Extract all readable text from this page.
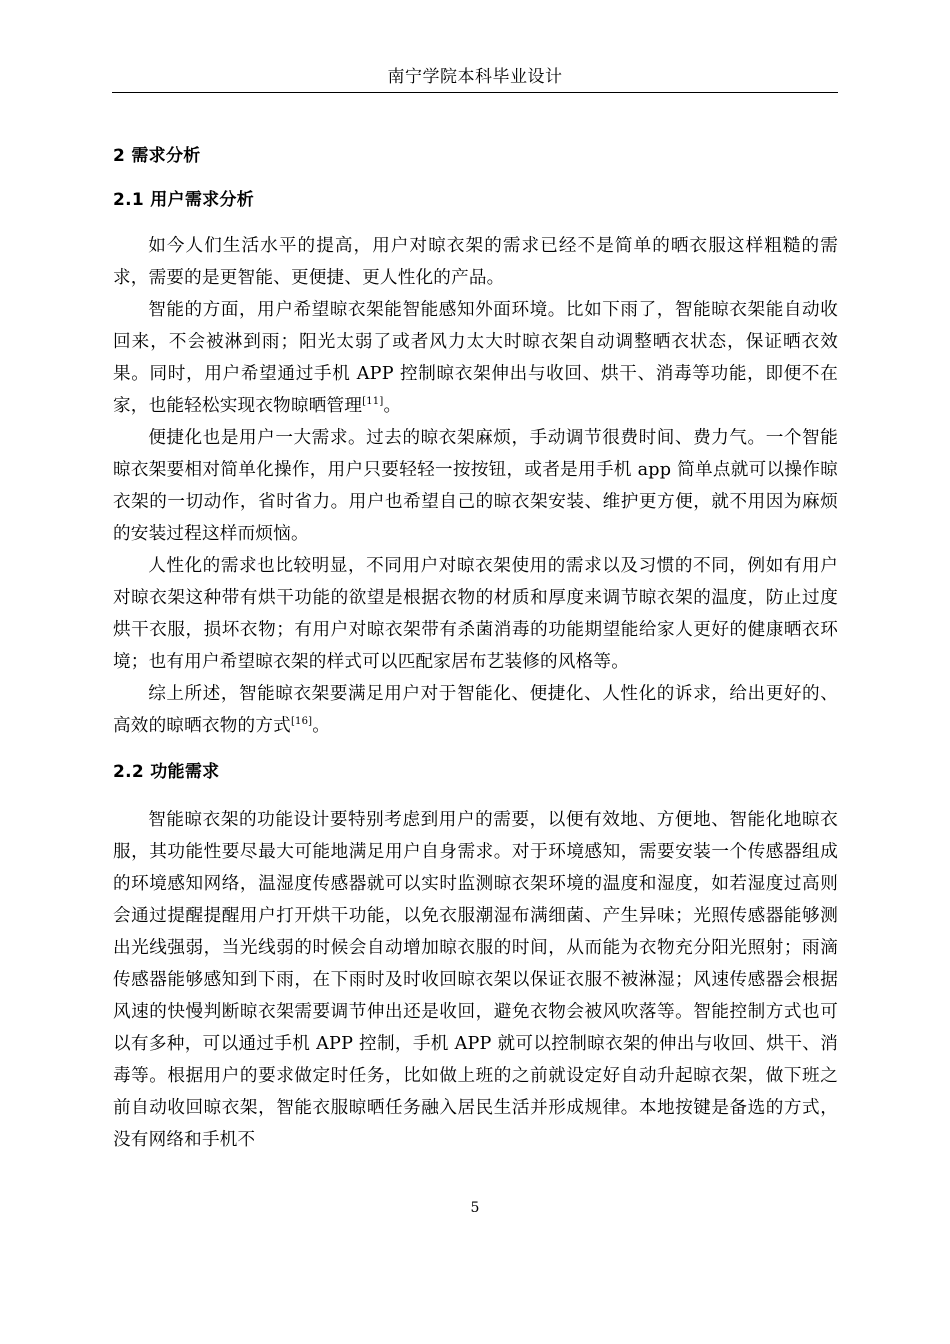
南宁学院本科毕业设计
2 需求分析
2.1 用户需求分析

如今人们生活水平的提高，用户对晾衣架的需求已经不是简单的晒衣服这样粗糙的需求，需要的是更智能、更便捷、更人性化的产品。

智能的方面，用户希望晾衣架能智能感知外面环境。比如下雨了，智能晾衣架能自动收回来，不会被淋到雨；阳光太弱了或者风力太大时晾衣架自动调整晒衣状态，保证晒衣效果。同时，用户希望通过手机 APP 控制晾衣架伸出与收回、烘干、消毒等功能，即便不在家，也能轻松实现衣物晾晒管理[11]。

便捷化也是用户一大需求。过去的晾衣架麻烦，手动调节很费时间、费力气。一个智能晾衣架要相对简单化操作，用户只要轻轻一按按钮，或者是用手机 app 简单点就可以操作晾衣架的一切动作，省时省力。用户也希望自己的晾衣架安装、维护更方便，就不用因为麻烦的安装过程这样而烦恼。

人性化的需求也比较明显，不同用户对晾衣架使用的需求以及习惯的不同，例如有用户对晾衣架这种带有烘干功能的欲望是根据衣物的材质和厚度来调节晾衣架的温度，防止过度烘干衣服，损坏衣物；有用户对晾衣架带有杀菌消毒的功能期望能给家人更好的健康晒衣环境；也有用户希望晾衣架的样式可以匹配家居布艺装修的风格等。

综上所述，智能晾衣架要满足用户对于智能化、便捷化、人性化的诉求，给出更好的、高效的晾晒衣物的方式[16]。

2.2 功能需求

智能晾衣架的功能设计要特别考虑到用户的需要，以便有效地、方便地、智能化地晾衣服，其功能性要尽最大可能地满足用户自身需求。对于环境感知，需要安装一个传感器组成的环境感知网络，温湿度传感器就可以实时监测晾衣架环境的温度和湿度，如若湿度过高则会通过提醒提醒用户打开烘干功能，以免衣服潮湿布满细菌、产生异味；光照传感器能够测出光线强弱，当光线弱的时候会自动增加晾衣服的时间，从而能为衣物充分阳光照射；雨滴传感器能够感知到下雨，在下雨时及时收回晾衣架以保证衣服不被淋湿；风速传感器会根据风速的快慢判断晾衣架需要调节伸出还是收回，避免衣物会被风吹落等。智能控制方式也可以有多种，可以通过手机 APP 控制，手机 APP 就可以控制晾衣架的伸出与收回、烘干、消毒等。根据用户的要求做定时任务，比如做上班的之前就设定好自动升起晾衣架，做下班之前自动收回晾衣架，智能衣服晾晒任务融入居民生活并形成规律。本地按键是备选的方式，没有网络和手机不

5
